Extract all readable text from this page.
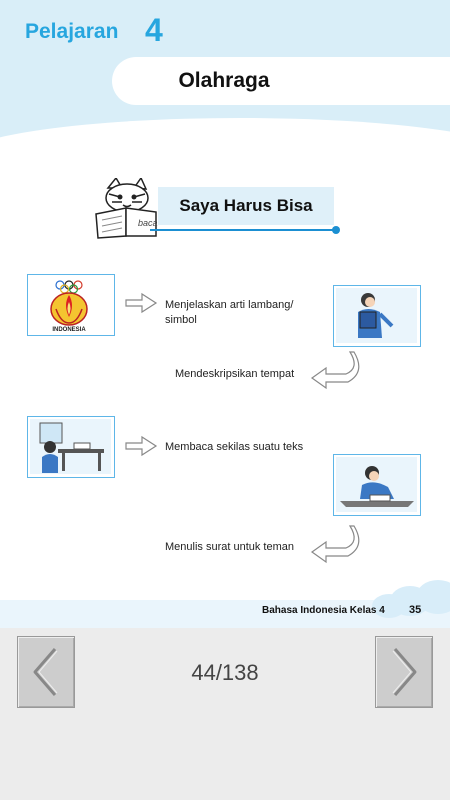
Pelajaran 4
Olahraga
baca
Saya Harus Bisa
INDONESIA
Menjelaskan arti lambang/ simbol
Mendeskripsikan tempat
Membaca sekilas suatu teks
Menulis surat untuk teman
Bahasa Indonesia Kelas 4 35
44/138
